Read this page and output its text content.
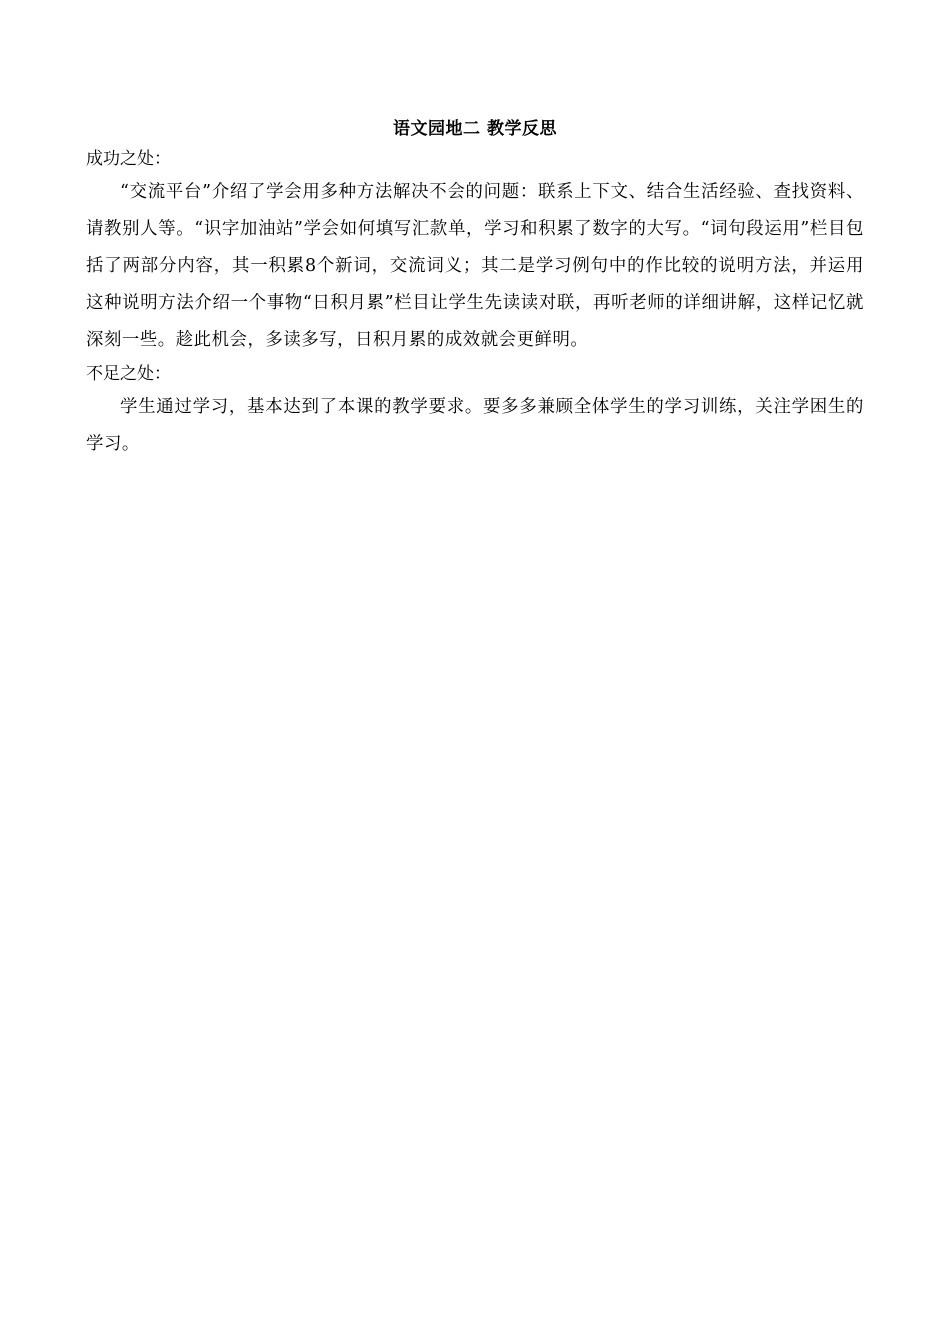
语文园地二 教学反思

成功之处：

“交流平台”介绍了学会用多种方法解决不会的问题：联系上下文、结合生活经验、查找资料、请教别人等。“识字加油站”学会如何填写汇款单，学习和积累了数字的大写。“词句段运用”栏目包括了两部分内容，其一积累8个新词，交流词义；其二是学习例句中的作比较的说明方法，并运用这种说明方法介绍一个事物“日积月累”栏目让学生先读读对联，再听老师的详细讲解，这样记忆就深刻一些。趁此机会，多读多写，日积月累的成效就会更鲜明。

不足之处：

学生通过学习，基本达到了本课的教学要求。要多多兼顾全体学生的学习训练，关注学困生的学习。
